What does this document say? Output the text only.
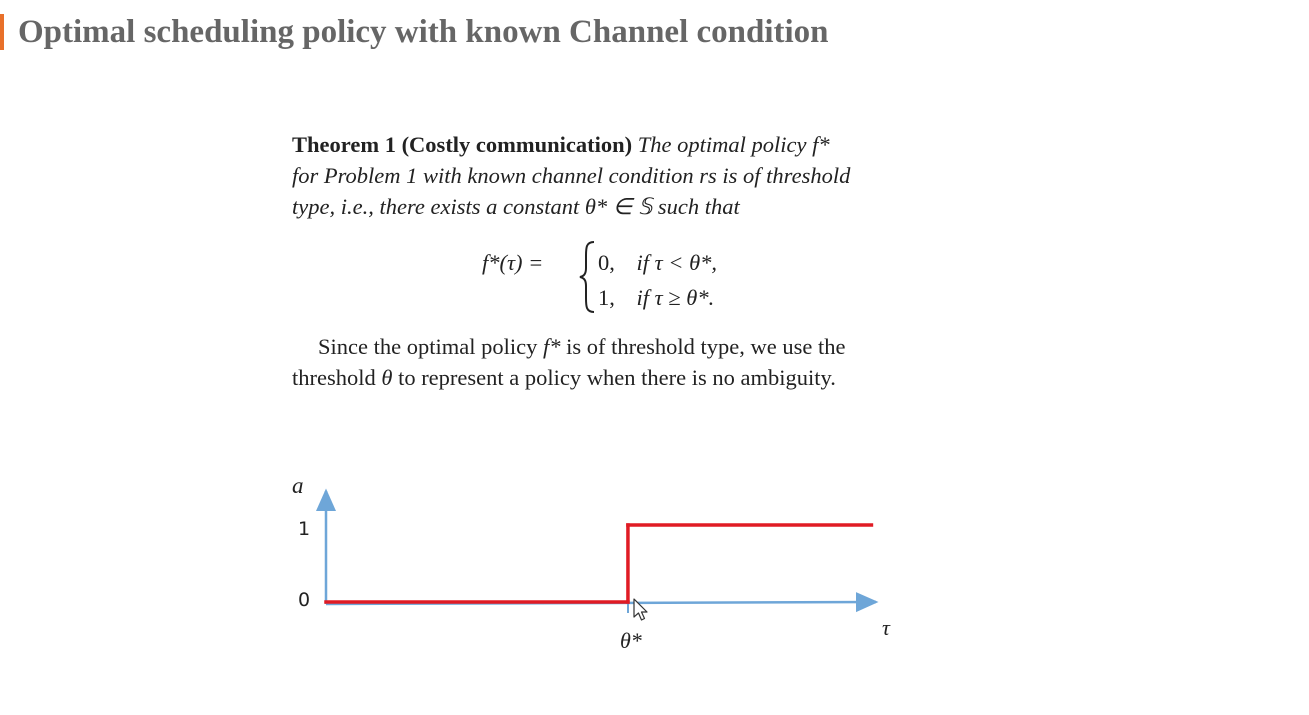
Optimal scheduling policy with known Channel condition
Theorem 1 (Costly communication) The optimal policy f*
for Problem 1 with known channel condition rs is of threshold
type, i.e., there exists a constant θ* ∈ 𝕊 such that
f*(τ) = 0, if τ < θ*,
1, if τ ≥ θ*.
Since the optimal policy f* is of threshold type, we use the
threshold θ to represent a policy when there is no ambiguity.
a
τ
1
0
θ*
